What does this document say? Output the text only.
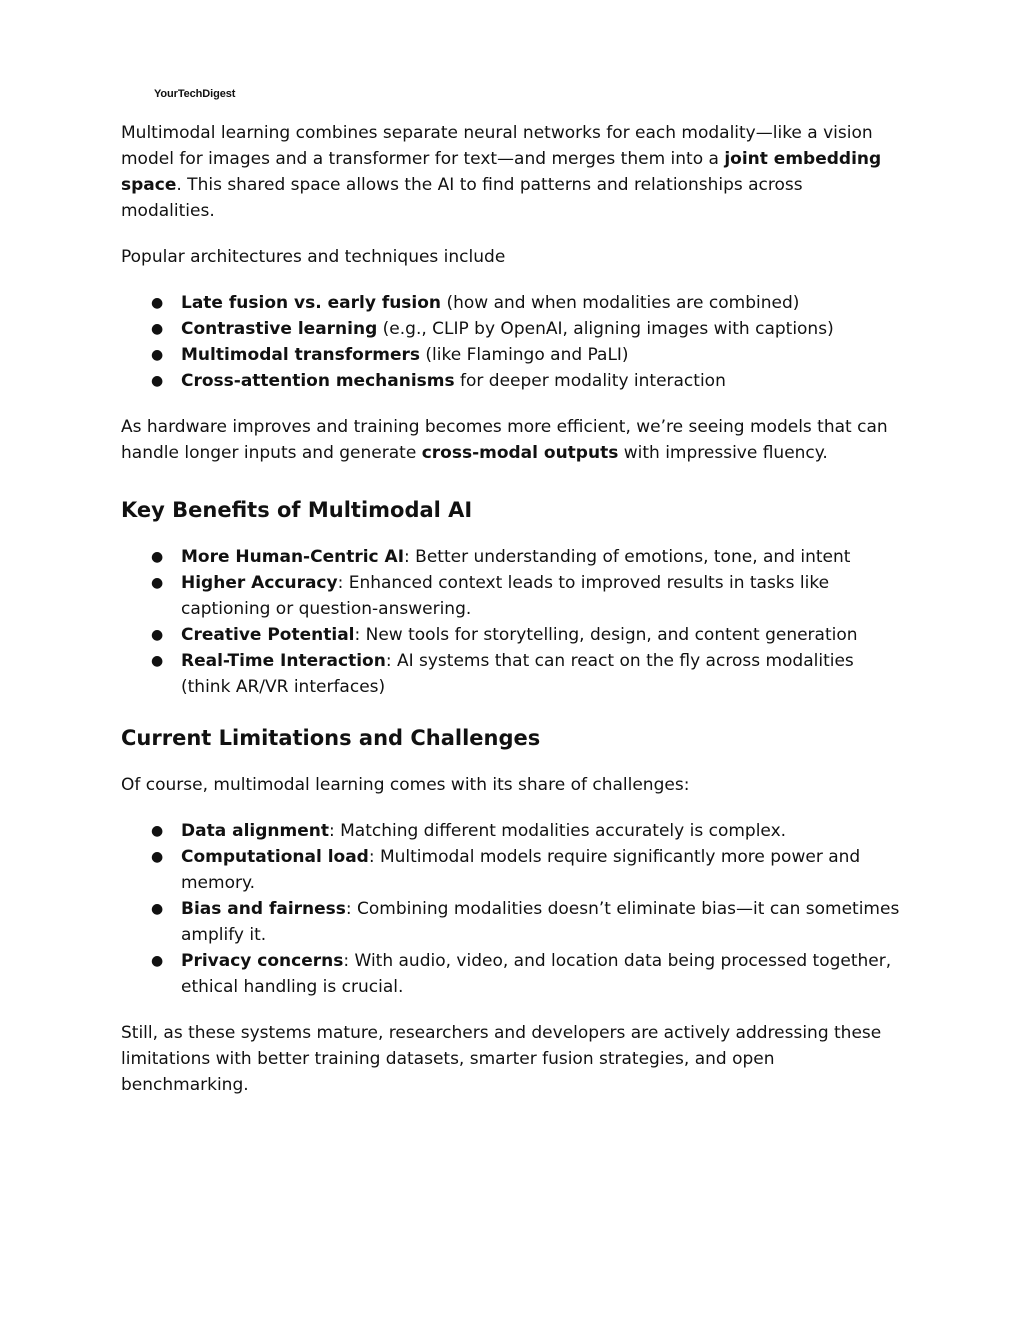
YourTechDigest

Multimodal learning combines separate neural networks for each modality—like a vision model for images and a transformer for text—and merges them into a joint embedding space. This shared space allows the AI to find patterns and relationships across modalities.

Popular architectures and techniques include

● Late fusion vs. early fusion (how and when modalities are combined)
● Contrastive learning (e.g., CLIP by OpenAI, aligning images with captions)
● Multimodal transformers (like Flamingo and PaLI)
● Cross-attention mechanisms for deeper modality interaction

As hardware improves and training becomes more efficient, we’re seeing models that can handle longer inputs and generate cross-modal outputs with impressive fluency.

Key Benefits of Multimodal AI
● More Human-Centric AI: Better understanding of emotions, tone, and intent
● Higher Accuracy: Enhanced context leads to improved results in tasks like captioning or question-answering.
● Creative Potential: New tools for storytelling, design, and content generation
● Real-Time Interaction: AI systems that can react on the fly across modalities (think AR/VR interfaces)
Current Limitations and Challenges

Of course, multimodal learning comes with its share of challenges:

● Data alignment: Matching different modalities accurately is complex.
● Computational load: Multimodal models require significantly more power and memory.
● Bias and fairness: Combining modalities doesn’t eliminate bias—it can sometimes amplify it.
● Privacy concerns: With audio, video, and location data being processed together, ethical handling is crucial.

Still, as these systems mature, researchers and developers are actively addressing these limitations with better training datasets, smarter fusion strategies, and open benchmarking.
